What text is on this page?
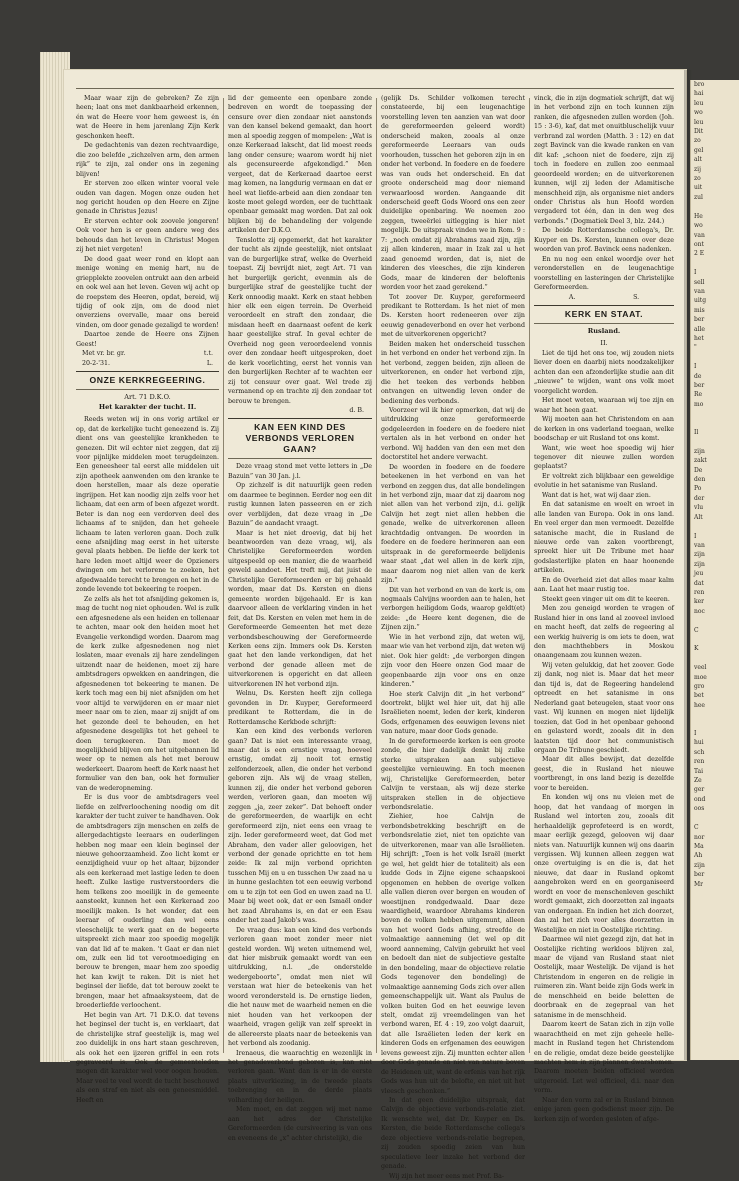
Maar waar zijn de gebreken? Ze zijn heen; laat ons met dankbaarheid erkennen, én wat de Heere voor hem geweest is, én wat de Heere in hem jarenlang Zijn Kerk geschonken heeft.

De gedachtenis van dezen rechtvaardige, die zoo belefde „zichzelven arm, den armen rijk” te zijn, zal onder ons in zegening blijven!

Er sterven zoo elken winter vooral vele ouden van dagen. Mogen onze ouden het nog gericht houden op den Heere en Zijne genade in Christus Jezus!

Er sterven echter ook zoovele jongeren! Ook voor hen is er geen andere weg des behouds dan het leven in Christus! Mogen zij het niet vergeten!

De dood gaat weer rond en klopt aan menige woning en menig hart, nu de griepplekte zoovelen ontrukt aan den arbeid en ook wel aan het leven. Geven wij acht op de roepstem des Heeren, opdat, bereid, wij tijdig of ook zijn, om de dood niet onverziens overvalle, maar ons bereid vinden, om door genade gezaligd te worden!

Daartoe zende de Heere ons Zijnen Geest!

Met vr. br. gr.	t.t.
20-2-'31.	L.
ONZE KERKREGEERING.
Art. 71 D.K.O.
Het karakter der tucht. II.

Reeds weten wij in ons vorig artikel er op, dat de kerkelijke tucht geneezend is. Zij dient ons van geestelijke krankheden te genezen. Dit wil echter niet zeggen, dat zij voor pijnlijke middelen moet terugdeinzen. Een geneesheer tal eerst alle middelen uit zijn apotheek aanwenden om den kranke te doen herstellen, maar als deze operatie ingrijpen. Het kan noodig zijn zelfs voor het lichaam, dat een arm of been afgezet wordt. Beter is dan nog een verdorven deel des lichaams af te snijden, dan het geheele lichaam te laten verloren gaan. Doch zulk eene afsnijding mag eerst in het uiterste geval plaats hebben. De liefde der kerk tot hare leden moet altijd weer de Opzieners dwingen om het verlorene te zoeken, het afgedwaalde terecht te brengen en het in de zonde levende tot bekeering te roepen.

Ze zelfs als het tot afsnijding gekomen is, mag de tucht nog niet ophouden. Wel is zulk een afgesnedene als een heiden en tollenaar te achten, maar ook den heiden moet het Evangelie verkondigd worden. Daarom mag de kerk zulke afgesnedenen nog niet loslaten, maar evenals zij hare zendelingen uitzendt naar de heidenen, moet zij hare ambtsdragers opwekken en aandringen, die afgesnedenen tot bekeering te manen. De kerk toch mag een bij niet afsnijden om het voor altijd te verwijderen en er maar niet meer naar om te zien, maar zij snijdt af om het gezonde deel te behouden, en het afgesnedene desgelijks tot het geheel te doen terugkeeren. Dan moet de mogelijkheid blijven om het uitgebannen lid weer op te nemen als het met berouw wederkeert. Daarom heeft de Kerk naast het formulier van den ban, ook het formulier van de wederopneming.

Er is dus voor de ambtsdragers veel liefde en zelfverloochening noodig om dit karakter der tucht zuiver te handhaven. Ook de ambtsdragers zijn menschen en zelfs de allergedachtigste leeraars en ouderlingen hebben nog maar een klein beginsel der nieuwe gehoorzaamheid. Zoo licht komt er eenzijdigheid vuur op het altaar, bijzonder als een kerkeraad met lastige leden te doen heeft. Zulke lastige rustverstoorders die hem telkens zoo moeilijk in de gemeente aansteekt, kunnen het een Kerkeraad zoo moeilijk maken. Is het wonder, dat een leeraar of ouderling dan wel eens vleeschelijk te werk gaat en de begeerte uitspreekt zich maar zoo spoedig mogelijk van dat lid af te maken. 't Gaat er dan niet om, zulk een lid tot verootmoediging en berouw te brengen, maar hem zoo spoedig het kan kwijt te raken. Dit is niet het beginsel der liefde, dat tot berouw zoekt te brengen, maar het afmaaksysteem, dat de broederliefde verloochent.

Het begin van Art. 71 D.K.O. dat tevens het beginsel der tucht is, en verklaart, dat de christelijke straf geestelijk is, mag wel zoo duidelijk in ons hart staan geschreven, als ook het een ijzeren griffel in een rots gegraveerd is. Ook de gemeenteleden mogen dit karakter wel voor oogen houden. Maar veel te veel wordt de tucht beschouwd als een straf en niet als een geneesmiddel. Heeft en

lid der gemeente een openbare zonde bedreven en wordt de toepassing der censure over dien zondaar niet aanstonds van den kansel bekend gemaakt, dan hoort men al spoedig zeggen of mompelen: „Wat is onze Kerkeraad lakscht, dat lid moest reeds lang onder censure; waarom wordt hij niet als gecensureerde afgekondigd.” Men vergeet, dat de Kerkeraad daartoe eerst mag komen, na langdurig vermaan en dat er heel wat liefde-arbeid aan dien zondaar ten koste moet gelegd worden, eer de tuchttaak openbaar gemaakt mag worden. Dat zal ook blijken bij de behandeling der volgende artikelen der D.K.O.

Tenslotte zij opgemerkt, dat het karakter der tucht als zijnde geestelijk, niet ontslaat van de burgerlijke straf, welke de Overheid toepast. Zij bevrijdt niet, zegt Art. 71 van het burgerlijk gericht, evenmin als de burgerlijke straf de geestelijke tucht der Kerk onnoodig maakt. Kerk en staat hebben hier elk een eigen terrein. De Overheid veroordeelt en straft den zondaar, die misdaan heeft en daarnaast oefent de kerk haar geestelijke straf. In geval echter de Overheid nog geen veroordeelend vonnis over den zondaar heeft uitgesproken, doet de kerk voorlichting, eerst het vonnis van den burgerlijken Rechter af te wachten eer zij tot censuur over gaat. Wel trede zij vermanend op en trachte zij den zondaar tot berouw te brengen.

d. B.
KAN EEN KIND DES VERBONDS VERLOREN GAAN?

Deze vraag stond met vette letters in „De Bazuin” van 30 Jan. j.l.

Op zichzelf is dit natuurlijk geen reden om daarmee te beginnen. Eerder nog een dit rustig kunnen laten passeeren en er zich over verblijden, dat deze vraag in „De Bazuin” de aandacht vraagt.

Maar is het niet droevig, dat bij het beantwoorden van deze vraag, wij, als Christelijke Gereformeerden worden uitgespeeld op een manier, die de waarheid geweld aandoet. Het treft mij, dat juist de Christelijke Gereformeerden er bij gehaald worden, maar dat Ds. Kersten en diens gemeente worden bijgehaald. Er is kan daarvoor alleen de verklaring vinden in het feit, dat Ds. Kersten en velen met hem in de Gereformeerde Gemeenten het met deze verbondsbeschouwing der Gereformeerde Kerken eens zijn. Immers ook Ds. Kersten gaat het den lande verkondigen, dat het verbond der genade alleen met de uitverkorenen is opgericht en dat alleen uitverkorenen IN het verbond zijn.

Welnu, Ds. Kersten heeft zijn collega gevonden in Dr. Kuyper, Gereformeerd predikant te Rotterdam, die in de Rotterdamsche Kerkbode schrijft:

Kan een kind des verbonds verloren gaan? Dat is niet een interessante vraag, maar dat is een ernstige vraag, hoeveel ernstig, omdat zij nooit tot ernstig zelfonderzoek, allen, die onder het verbond geboren zijn. Als wij de vraag stellen, kunnen zij, die onder het verbond geboren werden, verloren gaan, dan moeten wij zeggen „ja, zeer zeker”. Dat behoeft onder de gereformeerden, de waarlijk en echt gereformeerd zijn, niet eens een vraag te zijn. Ieder gereformeerd weet, dat God met Abraham, den vader aller geloovigen, het verbond der genade oprichtte en tot hem zeide: Ik zal mijn verbond oprichten tusschen Mij en u en tusschen Uw zaad na u in hunne geslachten tot een eeuwig verbond om u te zijn tot een God en uwen zaad na U. Maar bij weet ook, dat er een Ismaël onder het zaad Abrahams is, en dat er een Esau onder het zaad Jakob's was.

De vraag dus: kan een kind des verbonds verloren gaan moet zonder meer niet gesteld worden. Wij weten uitnemend wel, dat hier misbruik gemaakt wordt van een uitdrukking, n.l. „de onderstelde wedergeboorte”, omdat men niet wil verstaan wat hier de beteekenis van het woord verondersteld is. De ernstige lieden, die het nauw met de waarheid nemen en die niet houden van het verkoopen der waarheid, vragen gelijk van zelf spreekt in de allereerste plaats naar de beteekenis van het verbond als zoodanig.

Irenaeus, die waarachtig en wezenlijk in het genadeverbond geboren is, kan niet verloren gaan. Want dan is er in de eerste plaats uitverkiezing, in de tweede plaats toebrenging en in de derde plaats volharding der heiligen.

Men moet, en dat zeggen wij met name aan het adres der Christelijke Gereformeerden (de cursiveering is van ons en eveneens de „x” achter christelijk), die

(gelijk Ds. Schilder volkomen terecht constateerde, bij een leugenachtige voorstelling leven ten aanzien van wat door de gereformeerden geleerd wordt) onderscheid maken, zooals al onze gereformeerde Leeraars van ouds voorhouden, tusschen het geboren zijn in en onder het verbond. In foedere en de foedere was van ouds het onderscheid. En dat groote onderscheid mag door niemand verwaarloosd worden. Aangaande dit onderscheid geeft Gods Woord ons een zeer duidelijke openbaring. We noemen zoo zeggen, tweeërlei uitlegging is hier niet mogelijk. De uitspraak vinden we in Rom. 9 : 7: „noch omdat zij Abrahams zaad zijn, zijn zij allen kinderen, maar in Izak zal u het zaad genoemd worden, dat is, niet de kinderen des vleesches, die zijn kinderen Gods, maar de kinderen der beloftenis worden voor het zaad gerekend.”

Tot zoover Dr. Kuyper, gereformeerd predikant te Rotterdam. Is het niet of men Ds. Kersten hoort redeneeren over zijn eeuwig genadeverbond en over het verbond met de uitverkorenen opgericht?

Beiden maken het onderscheid tusschen in het verbond en onder het verbond zijn. In het verbond, zeggen beiden, zijn alleen de uitverkorenen, en onder het verbond zijn, die het teeken des verbonds hebben ontvangen en uitwendig leven onder de bediening des verbonds.

Voorzeer wil ik hier opmerken, dat wij de uitdrukking onze gereformeerde godgeleerden in foedere en de foedere niet vertalen als in het verbond en onder het verbond. Wij hadden van den een met den doctorstitel het andere verwacht.

De woorden in foedere en de foedere beteekenen in het verbond en van het verbond en zeggen dus, dat alle bondelingen in het verbond zijn, maar dat zij daarom nog niet allen van het verbond zijn, d.i. gelijk Calvijn het zegt niet allen hebben die genade, welke de uitverkorenen alleen krachtdadig ontvangen. De woorden in foedere en de foedere herinneren aan een uitspraak in de gereformeerde belijdenis waar staat „dat wel allen in de kerk zijn, maar daarom nog niet allen van de kerk zijn.”

Dit van het verbond en van de kerk is, om nogmaals Calvijns woorden aan te halen, het verborgen heiligdom Gods, waarop geldt(et) zeide: „de Heere kent degenen, die de Zijnen zijn.”

Wie in het verbond zijn, dat weten wij, maar wie van het verbond zijn, dat weten wij niet. Ook hier geldt: „de verborgen dingen zijn voor den Heere onzen God maar de geopenbaarde zijn voor ons en onze kinderen.”

Hoe sterk Calvijn dit „in het verbond” doortrekt, blijkt wel hier uit, dat hij alle Israëlieten noemt, leden der kerk, kinderen Gods, erfgenamen des eeuwigen levens niet van nature, maar door Gods genade.

In de gereformeerde kerken is een groote zonde, die hier dadelijk denkt bij zulke sterke uitspraken aan subjectieve geestelijke vernieuwing. En toch meenen wij, Christelijke Gereformeerden, beter Calvijn te verstaan, als wij deze sterke uitspraken stellen in de objectieve verbondsrelatie.

Ziehier, hoe Calvijn de verbondsbetrekking beschrijft en de verbondsrelatie ziet, niet ten opzichte van de uitverkorenen, maar van alle Israëlieten. Hij schrijft: „Toen is het volk Israël (merkt ge wel, het geldt hier de totaliteit) als een kudde Gods in Zijne eigene schaapskooi opgenomen en hebben de overige volken alle vallen dieren over bergen en wouden of woestijnen rondgedwaald. Daar deze waardigheid, waardoor Abrahams kinderen boven de volken hebben uitgemunt, alleen van het woord Gods afhing, streefde de volmaaktige aanneming (let wel op dit woord aanneming, Calvijn gebruikt het veel en bedoelt dan niet de subjectieve gestalte in den bondeling, maar de objectieve relatie Gods tegenover den bondeling) de volmaaktige aanneming Gods zich over allen gemeenschappelijk uit. Want als Paulus de volken buiten God en het eeuwige leven stelt, omdat zij vreemdelingen van het verbond waren, Ef. 4 : 19, zoo volgt daaruit, dat alle Israëlieten leden der kerk en kinderen Gods en erfgenamen des eeuwigen levens geweest zijn. Zij muntten echter allen door Gods genade en niet van nature boven de Heidenen uit, want de erfenis van het rijk Gods was hun uit de belofte, en niet uit het vleesch geschonken.”

In dat geen duidelijke uitspraak, dat Calvijn de objectieve verbonds-relatie ziet. Ik wenschte wel, dat Dr. Kuyper en Ds. Kersten, die beide Rotterdamsche collega's deze objectieve verbonds-relatie begrepen, zij zouden spoedig zeien van hun speculatieve leer inzake het verbond der genade.

Wij zijn het meer eens met Prof. Ba-

vinck, die in zijn dogmatiek schrijft, dat wij in het verbond zijn en toch kunnen zijn ranken, die afgesneden zullen worden (Joh. 15 : 3-6), kaf, dat met onuitbluschelijk vuur verbrand zal worden (Matth. 3 : 12) en dat zegt Bavinck van die kwade ranken en van dit kaf: „schoon niet de foedere, zijn zij toch in foedere en zullen zoo eenmaal geoordeeld worden; en de uitverkorenen kunnen, wijl zij leden der Adamitische menschheid zijn, als organisme niet anders onder Christus als hun Hoofd worden vergaderd tot één, dan in den weg des verbonds.” (Dogmatiek Deel 3, blz. 244.)

De beide Rotterdamsche collega's, Dr. Kuyper en Ds. Kersten, kunnen over deze woorden van prof. Bavinck eens nadenken.

En nu nog een enkel woordje over het veronderstellen en de leugenachtige voorstelling en lasteringen der Christelijke Gereformeerden.

A.	S.
KERK EN STAAT.
Rusland.
II.

Liet de tijd het ons toe, wij zouden niets liever doen en daarbij niets noodzakelijker achten dan een afzonderlijke studie aan dit „nieuwe” te wijden, want ons volk moet voorgelicht worden.

Het moet weten, waaraan wij toe zijn en waar het heen gaat.

Wij moeten aan het Christendom en aan de kerken in ons vaderland toegaan, welke boodschap er uit Rusland tot ons komt.

Want, wie weet hoe spoedig wij hier tegenover dit nieuwe zullen worden geplaatst?

Er voltrekt zich blijkbaar een geweldige evolutie in het satanisme van Rusland.

Want dat is het, wat wij daar zien.

En dat satanisme en woelt en wroet in alle landen van Europa. Ook in ons land. En veel erger dan men vermoedt. Dezelfde satanische macht, die in Rusland de nieuwe orde van zaken voortbrengt, spreekt hier uit De Tribune met haar godslasterlijke platen en haar hoonende artikelen.

En de Overheid ziet dat alles maar kalm aan. Laat het maar rustig toe.

Steekt geen vinger uit om dit te keeren.

Men zou geneigd worden te vragen of Rusland hier in ons land al zooveel invloed en macht heeft, dat zelfs de regeering al een werkig huiverig is om iets te doen, wat den machthebbers in Moskou onaangenaam zou kunnen wezen.

Wij veten gelukkig, dat het zoover. Gode zij dank, nog niet is. Maar dat het meer dan tijd is, dat de Regeering handelend optreedt en het satanisme in ons Nederland gaat beteugelen, staat voor ons vast. Wij kunnen en mogen niet lijdelijk toezien, dat God in het openbaar gehoond en gelasterd wordt, zooals dit in den laatsten tijd door het communistisch orgaan De Tribune geschiedt.

Maar dit alles bewijst, dat dezelfde geest, die in Rusland het nieuwe voortbrengt, in ons land bezig is dezelfde voor te bereiden.

En konden wij ons nu vleien met de hoop, dat het vandaag of morgen in Rusland wel intorten zou, zooals dit herhaaldelijk geprofeteerd is en wordt, maar eerlijk gezegd, gelooven wij daar niets van. Natuurlijk kunnen wij ons daarin vergissen. Wij kunnen alleen zeggen wat onze overtuiging is en die is, dat het nieuwe, dat daar in Rusland opkomt aangebroken werd en en georganiseerd wordt en voor de menschenleven geschikt wordt gemaakt, zich doorzetten zal ingaats van ondergaan. En indien het zich doorzet, dan zal het zich voor alles doorzetten in Westelijke en niet in Oostelijke richting.

Daarmee wil niet gezegd zijn, dat het in Oostelijke richting werkloos blijven zal, maar de vijand van Rusland staat niet Oostelijk, maar Westelijk. De vijand is het Christendom in engeren en de religie in ruimeren zin. Want beide zijn Gods werk in de menschheid en beide beletten de doorbraak en de zegepraal van het satanisme in de menschheid.

Daarom keert de Satan zich in zijn volle waarachtheid en met zijn geheele helle-macht in Rusland tegen het Christendom en de religie, omdat deze beide geestelijke machten hem in zijn plannen dwarsbomen. Daarom moeten beiden officieel worden uitgeroeid. Let wel officieel, d.i. naar den vorm.

Naar den vorm zal er in Rusland binnen enige jaren geen godsdienst meer zijn. De kerken zijn of worden gesloten of afge-

bro
hai
leu
wo
leu
Dit
zo
gel
alt
zij
zo
uit
zul

He
wo
van
ont
2 E

I
sell
van
uitg
mis
ber
alle
het
"

I
de
ber
Re
mo

Il

zijn
zakt
De
den
Po
der
vlu
Alt

I
van
zijn
zijn
jeu
dat
ren
ker
noc

C

K

veel
moe
gro
bet
hee

I
hui
sch
ren
Tai
Ze
ger
ond
oos

C
nor
Ma
Ah
zijn
ber
Mr
